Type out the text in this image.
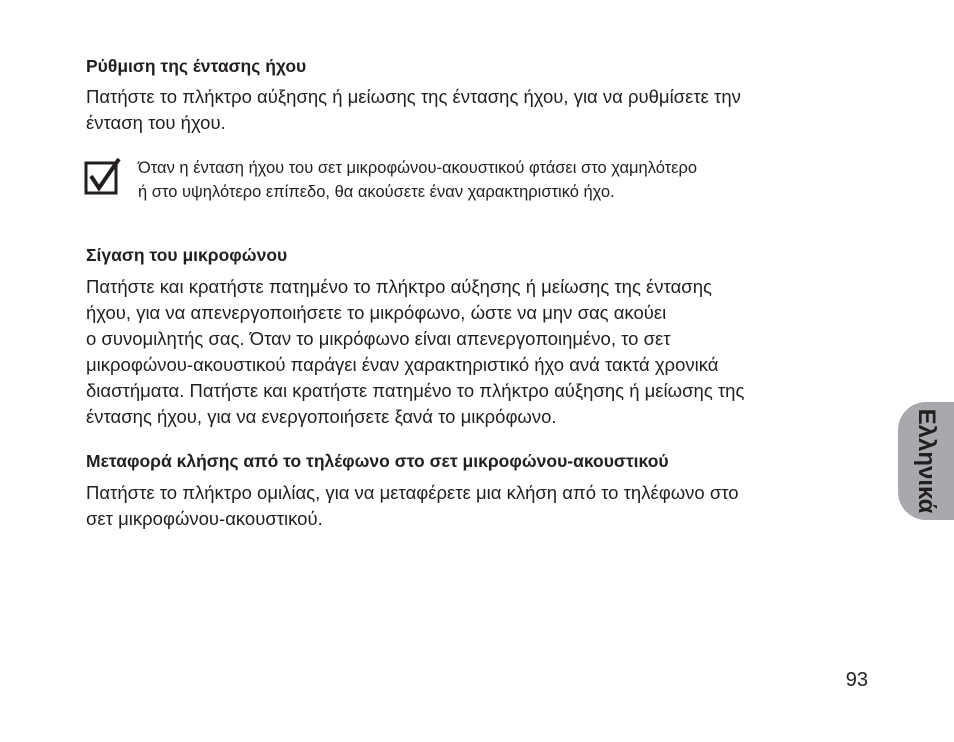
Ρύθμιση της έντασης ήχου

Πατήστε το πλήκτρο αύξησης ή μείωσης της έντασης ήχου, για να ρυθμίσετε την
ένταση του ήχου.

Όταν η ένταση ήχου του σετ μικροφώνου-ακουστικού φτάσει στο χαμηλότερο
ή στο υψηλότερο επίπεδο, θα ακούσετε έναν χαρακτηριστικό ήχο.

Σίγαση του μικροφώνου

Πατήστε και κρατήστε πατημένο το πλήκτρο αύξησης ή μείωσης της έντασης
ήχου, για να απενεργοποιήσετε το μικρόφωνο, ώστε να μην σας ακούει
ο συνομιλητής σας. Όταν το μικρόφωνο είναι απενεργοποιημένο, το σετ
μικροφώνου-ακουστικού παράγει έναν χαρακτηριστικό ήχο ανά τακτά χρονικά
διαστήματα. Πατήστε και κρατήστε πατημένο το πλήκτρο αύξησης ή μείωσης της
έντασης ήχου, για να ενεργοποιήσετε ξανά το μικρόφωνο.

Μεταφορά κλήσης από το τηλέφωνο στο σετ μικροφώνου-ακουστικού

Πατήστε το πλήκτρο ομιλίας, για να μεταφέρετε μια κλήση από το τηλέφωνο στο
σετ μικροφώνου-ακουστικού.

Ελληνικά

93
